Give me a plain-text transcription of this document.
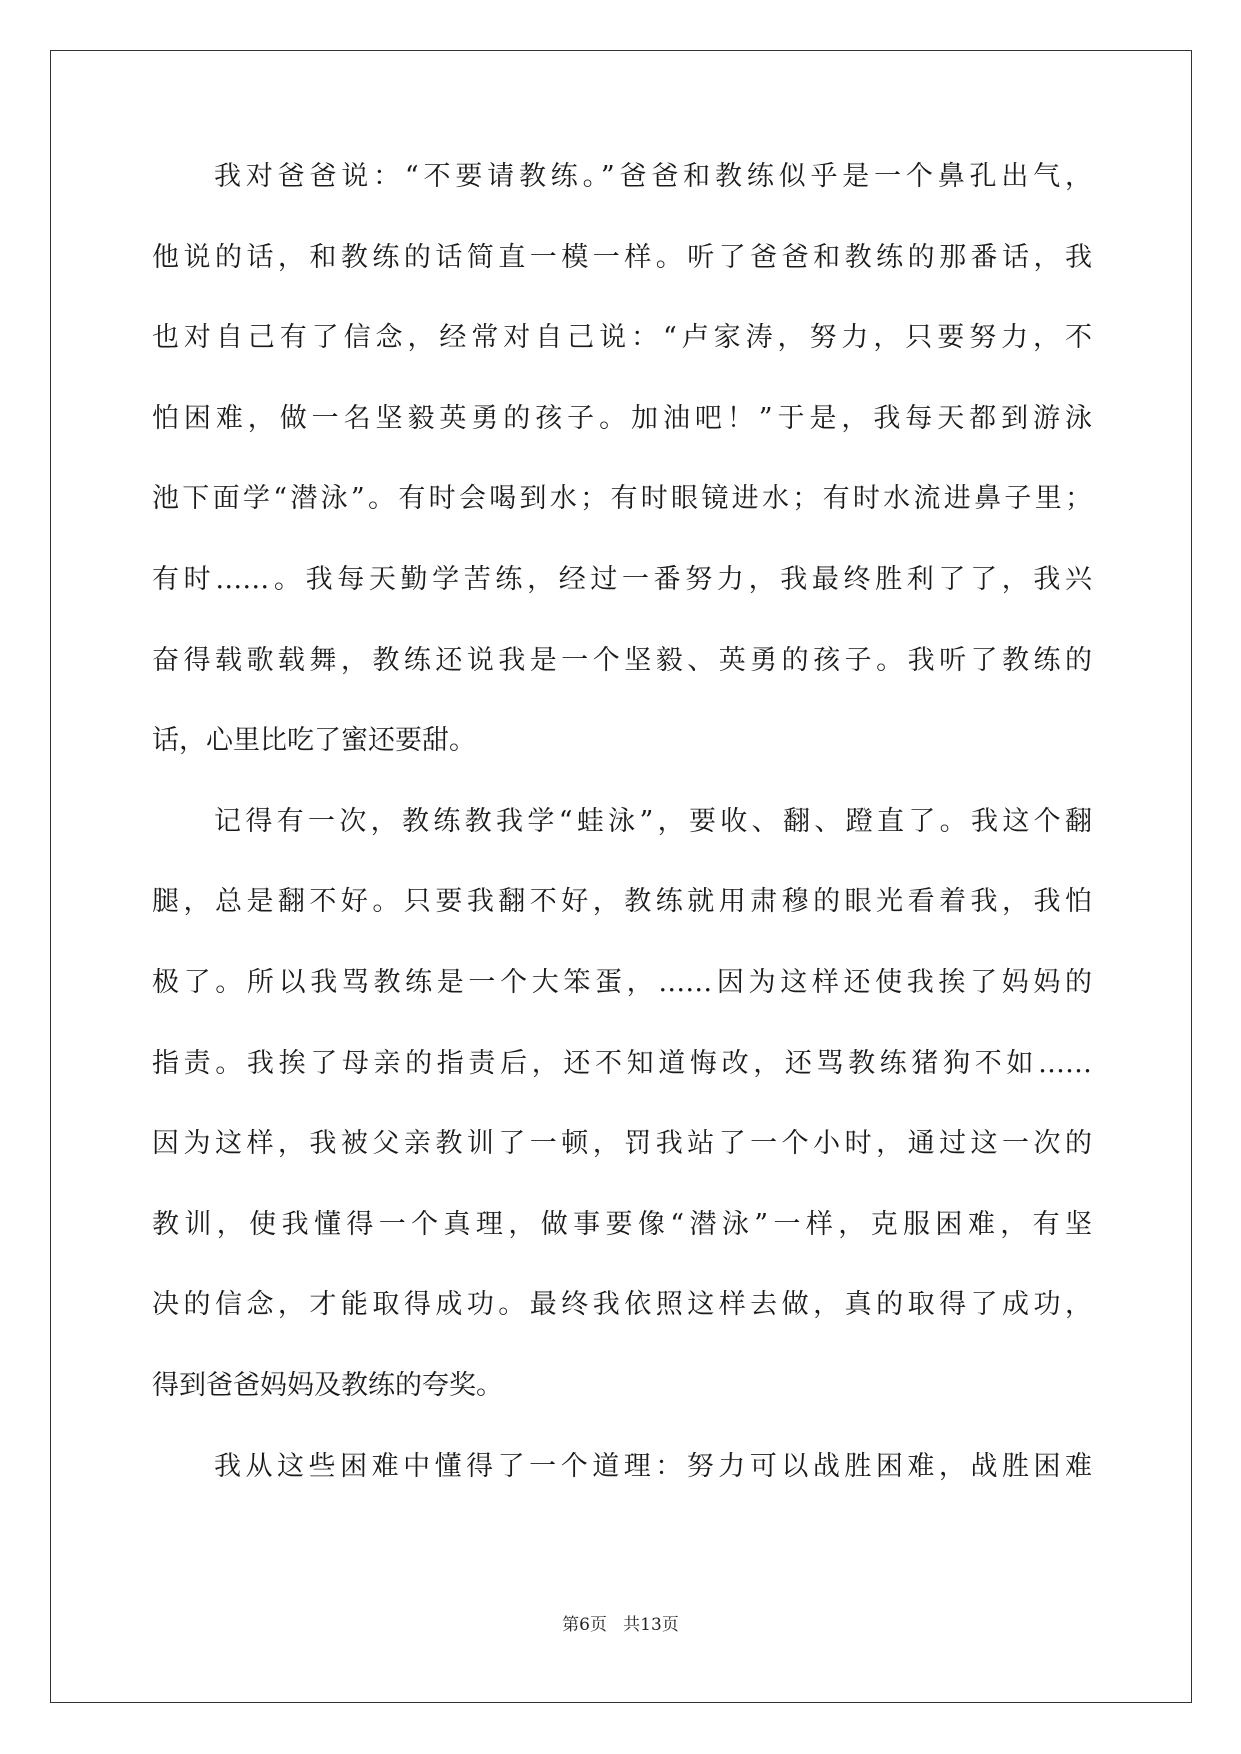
我对爸爸说：“不要请教练。”爸爸和教练似乎是一个鼻孔出气，
他说的话，和教练的话简直一模一样。听了爸爸和教练的那番话，我
也对自己有了信念，经常对自己说：“卢家涛，努力，只要努力，不
怕困难，做一名坚毅英勇的孩子。加油吧！”于是，我每天都到游泳
池下面学“潜泳”。有时会喝到水；有时眼镜进水；有时水流进鼻子里；
有时……。我每天勤学苦练，经过一番努力，我最终胜利了了，我兴
奋得载歌载舞，教练还说我是一个坚毅、英勇的孩子。我听了教练的
话，心里比吃了蜜还要甜。
记得有一次，教练教我学“蛙泳”，要收、翻、蹬直了。我这个翻
腿，总是翻不好。只要我翻不好，教练就用肃穆的眼光看着我，我怕
极了。所以我骂教练是一个大笨蛋，……因为这样还使我挨了妈妈的
指责。我挨了母亲的指责后，还不知道悔改，还骂教练猪狗不如……
因为这样，我被父亲教训了一顿，罚我站了一个小时，通过这一次的
教训，使我懂得一个真理，做事要像“潜泳”一样，克服困难，有坚
决的信念，才能取得成功。最终我依照这样去做，真的取得了成功，
得到爸爸妈妈及教练的夸奖。
我从这些困难中懂得了一个道理：努力可以战胜困难，战胜困难
第6页   共13页
